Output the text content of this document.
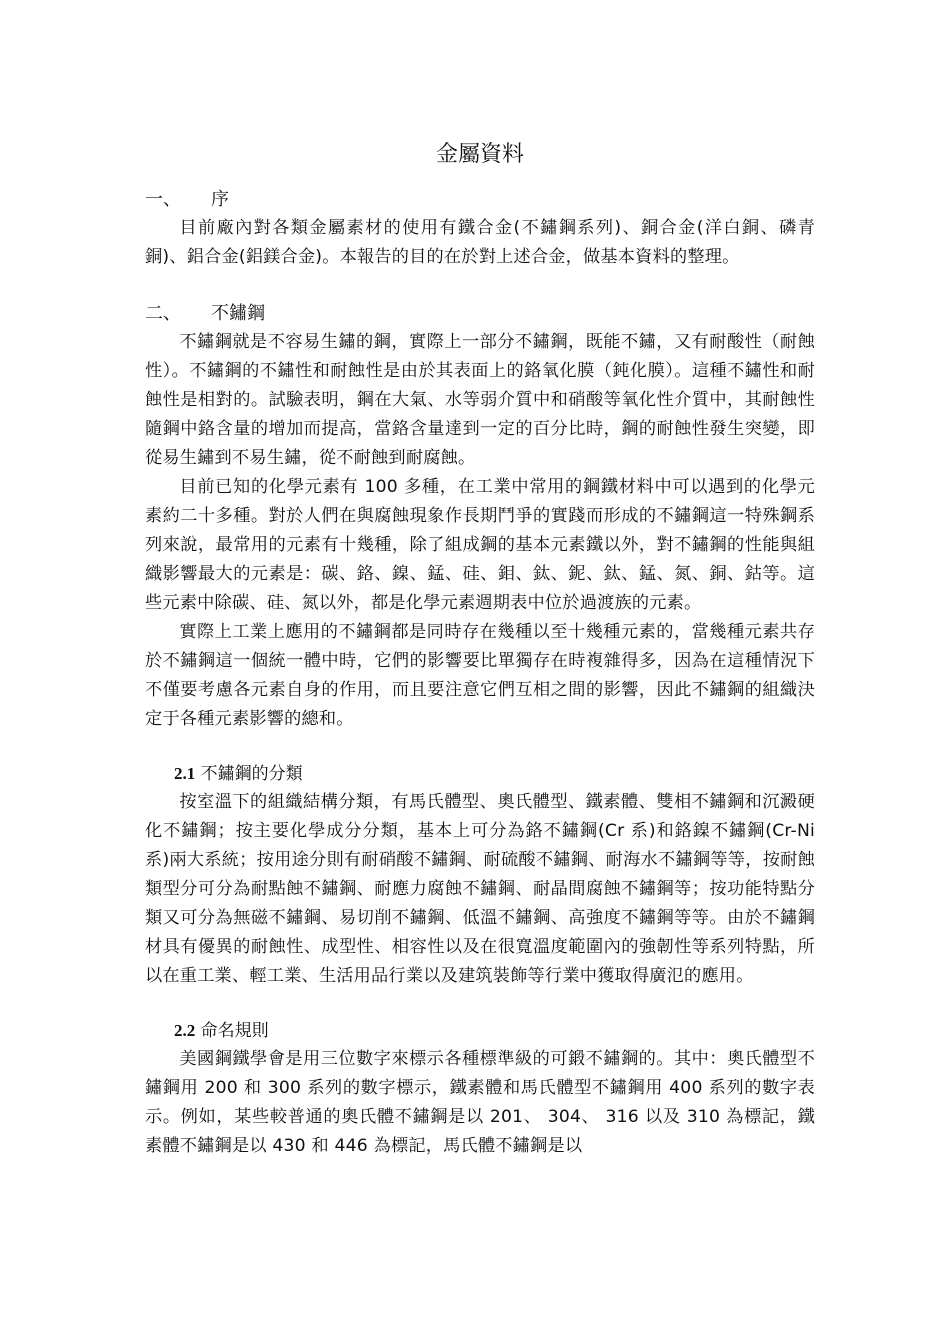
金屬資料
一、 序

目前廠內對各類金屬素材的使用有鐵合金(不鏽鋼系列)、銅合金(洋白銅、磷青銅)、鋁合金(鋁鎂合金)。本報告的目的在於對上述合金，做基本資料的整理。

二、 不鏽鋼

不鏽鋼就是不容易生鏽的鋼，實際上一部分不鏽鋼，既能不鏽，又有耐酸性（耐蝕性）。不鏽鋼的不鏽性和耐蝕性是由於其表面上的鉻氧化膜（鈍化膜）。這種不鏽性和耐蝕性是相對的。試驗表明，鋼在大氣、水等弱介質中和硝酸等氧化性介質中，其耐蝕性隨鋼中鉻含量的增加而提高，當鉻含量達到一定的百分比時，鋼的耐蝕性發生突變，即從易生鏽到不易生鏽，從不耐蝕到耐腐蝕。

目前已知的化學元素有 100 多種，在工業中常用的鋼鐵材料中可以遇到的化學元素約二十多種。對於人們在與腐蝕現象作長期鬥爭的實踐而形成的不鏽鋼這一特殊鋼系列來說，最常用的元素有十幾種，除了組成鋼的基本元素鐵以外，對不鏽鋼的性能與組織影響最大的元素是：碳、鉻、鎳、錳、硅、鉬、鈦、鈮、鈦、錳、氮、銅、鈷等。這些元素中除碳、硅、氮以外，都是化學元素週期表中位於過渡族的元素。

實際上工業上應用的不鏽鋼都是同時存在幾種以至十幾種元素的，當幾種元素共存於不鏽鋼這一個統一體中時，它們的影響要比單獨存在時複雜得多，因為在這種情況下不僅要考慮各元素自身的作用，而且要注意它們互相之間的影響，因此不鏽鋼的組織決定于各種元素影響的總和。

2.1 不鏽鋼的分類

按室溫下的組織結構分類，有馬氏體型、奧氏體型、鐵素體、雙相不鏽鋼和沉澱硬化不鏽鋼；按主要化學成分分類，基本上可分為鉻不鏽鋼(Cr 系)和鉻鎳不鏽鋼(Cr-Ni 系)兩大系統；按用途分則有耐硝酸不鏽鋼、耐硫酸不鏽鋼、耐海水不鏽鋼等等，按耐蝕類型分可分為耐點蝕不鏽鋼、耐應力腐蝕不鏽鋼、耐晶間腐蝕不鏽鋼等；按功能特點分類又可分為無磁不鏽鋼、易切削不鏽鋼、低溫不鏽鋼、高強度不鏽鋼等等。由於不鏽鋼材具有優異的耐蝕性、成型性、相容性以及在很寬溫度範圍內的強韌性等系列特點，所以在重工業、輕工業、生活用品行業以及建筑裝飾等行業中獲取得廣氾的應用。

2.2 命名規則

美國鋼鐵學會是用三位數字來標示各種標準級的可鍛不鏽鋼的。其中：奧氏體型不鏽鋼用 200 和 300 系列的數字標示，鐵素體和馬氏體型不鏽鋼用 400 系列的數字表示。例如，某些較普通的奧氏體不鏽鋼是以 201、 304、 316 以及 310 為標記，鐵素體不鏽鋼是以 430 和 446 為標記，馬氏體不鏽鋼是以
